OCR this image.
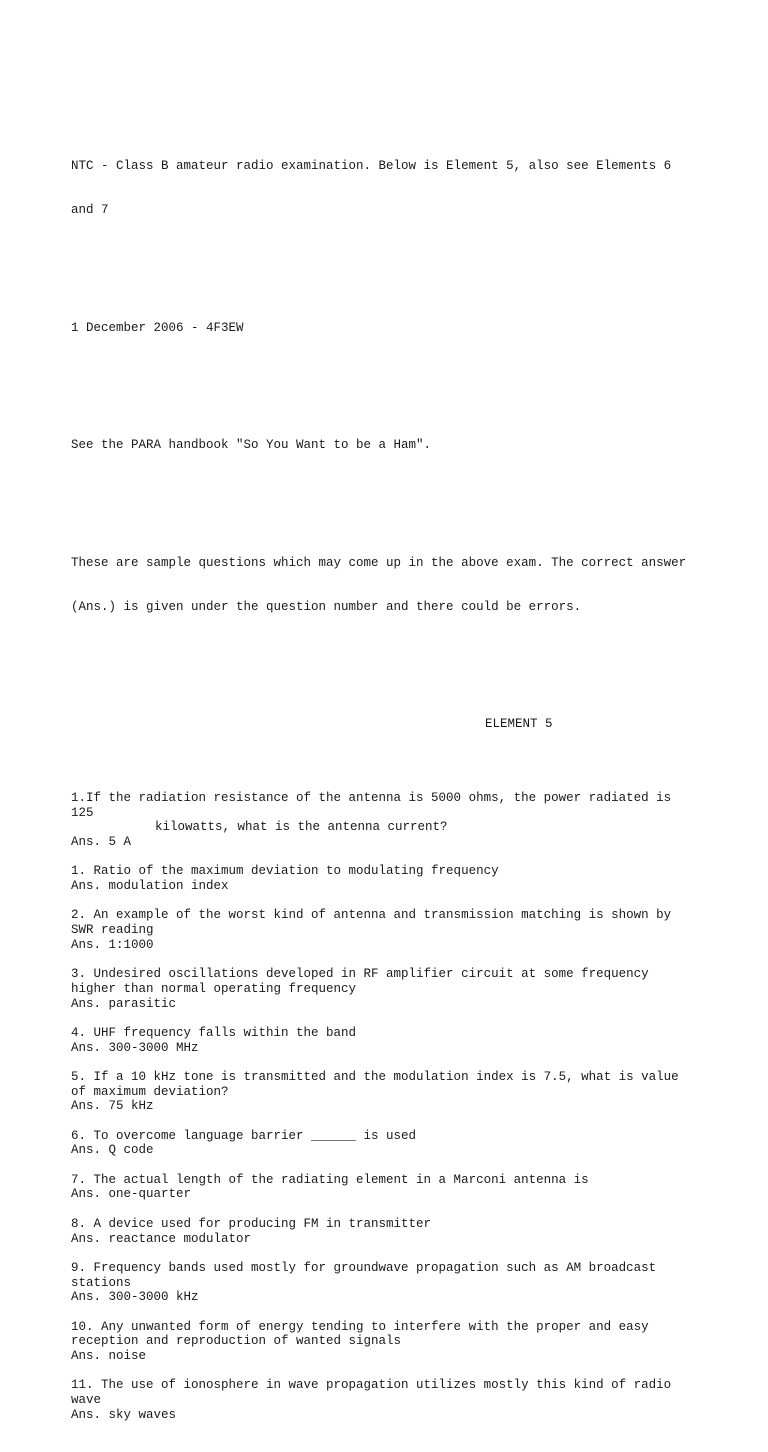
NTC - Class B amateur radio examination. Below is Element 5, also see Elements 6

and 7

1 December 2006 - 4F3EW

See the PARA handbook "So You Want to be a Ham".

These are sample questions which may come up in the above exam. The correct answer

(Ans.) is given under the question number and there could be errors.

ELEMENT 5

1.If the radiation resistance of the antenna is 5000 ohms, the power radiated is
125
kilowatts, what is the antenna current?
Ans. 5 A
1. Ratio of the maximum deviation to modulating frequency
Ans. modulation index
2. An example of the worst kind of antenna and transmission matching is shown by
SWR reading
Ans. 1:1000
3. Undesired oscillations developed in RF amplifier circuit at some frequency
higher than normal operating frequency
Ans. parasitic
4. UHF frequency falls within the band
Ans. 300-3000 MHz
5. If a 10 kHz tone is transmitted and the modulation index is 7.5, what is value
of maximum deviation?
Ans. 75 kHz
6. To overcome language barrier ______ is used
Ans. Q code
7. The actual length of the radiating element in a Marconi antenna is
Ans. one-quarter
8. A device used for producing FM in transmitter
Ans. reactance modulator
9. Frequency bands used mostly for groundwave propagation such as AM broadcast
stations
Ans. 300-3000 kHz
10. Any unwanted form of energy tending to interfere with the proper and easy
reception and reproduction of wanted signals
Ans. noise
11. The use of ionosphere in wave propagation utilizes mostly this kind of radio
wave
Ans. sky waves
